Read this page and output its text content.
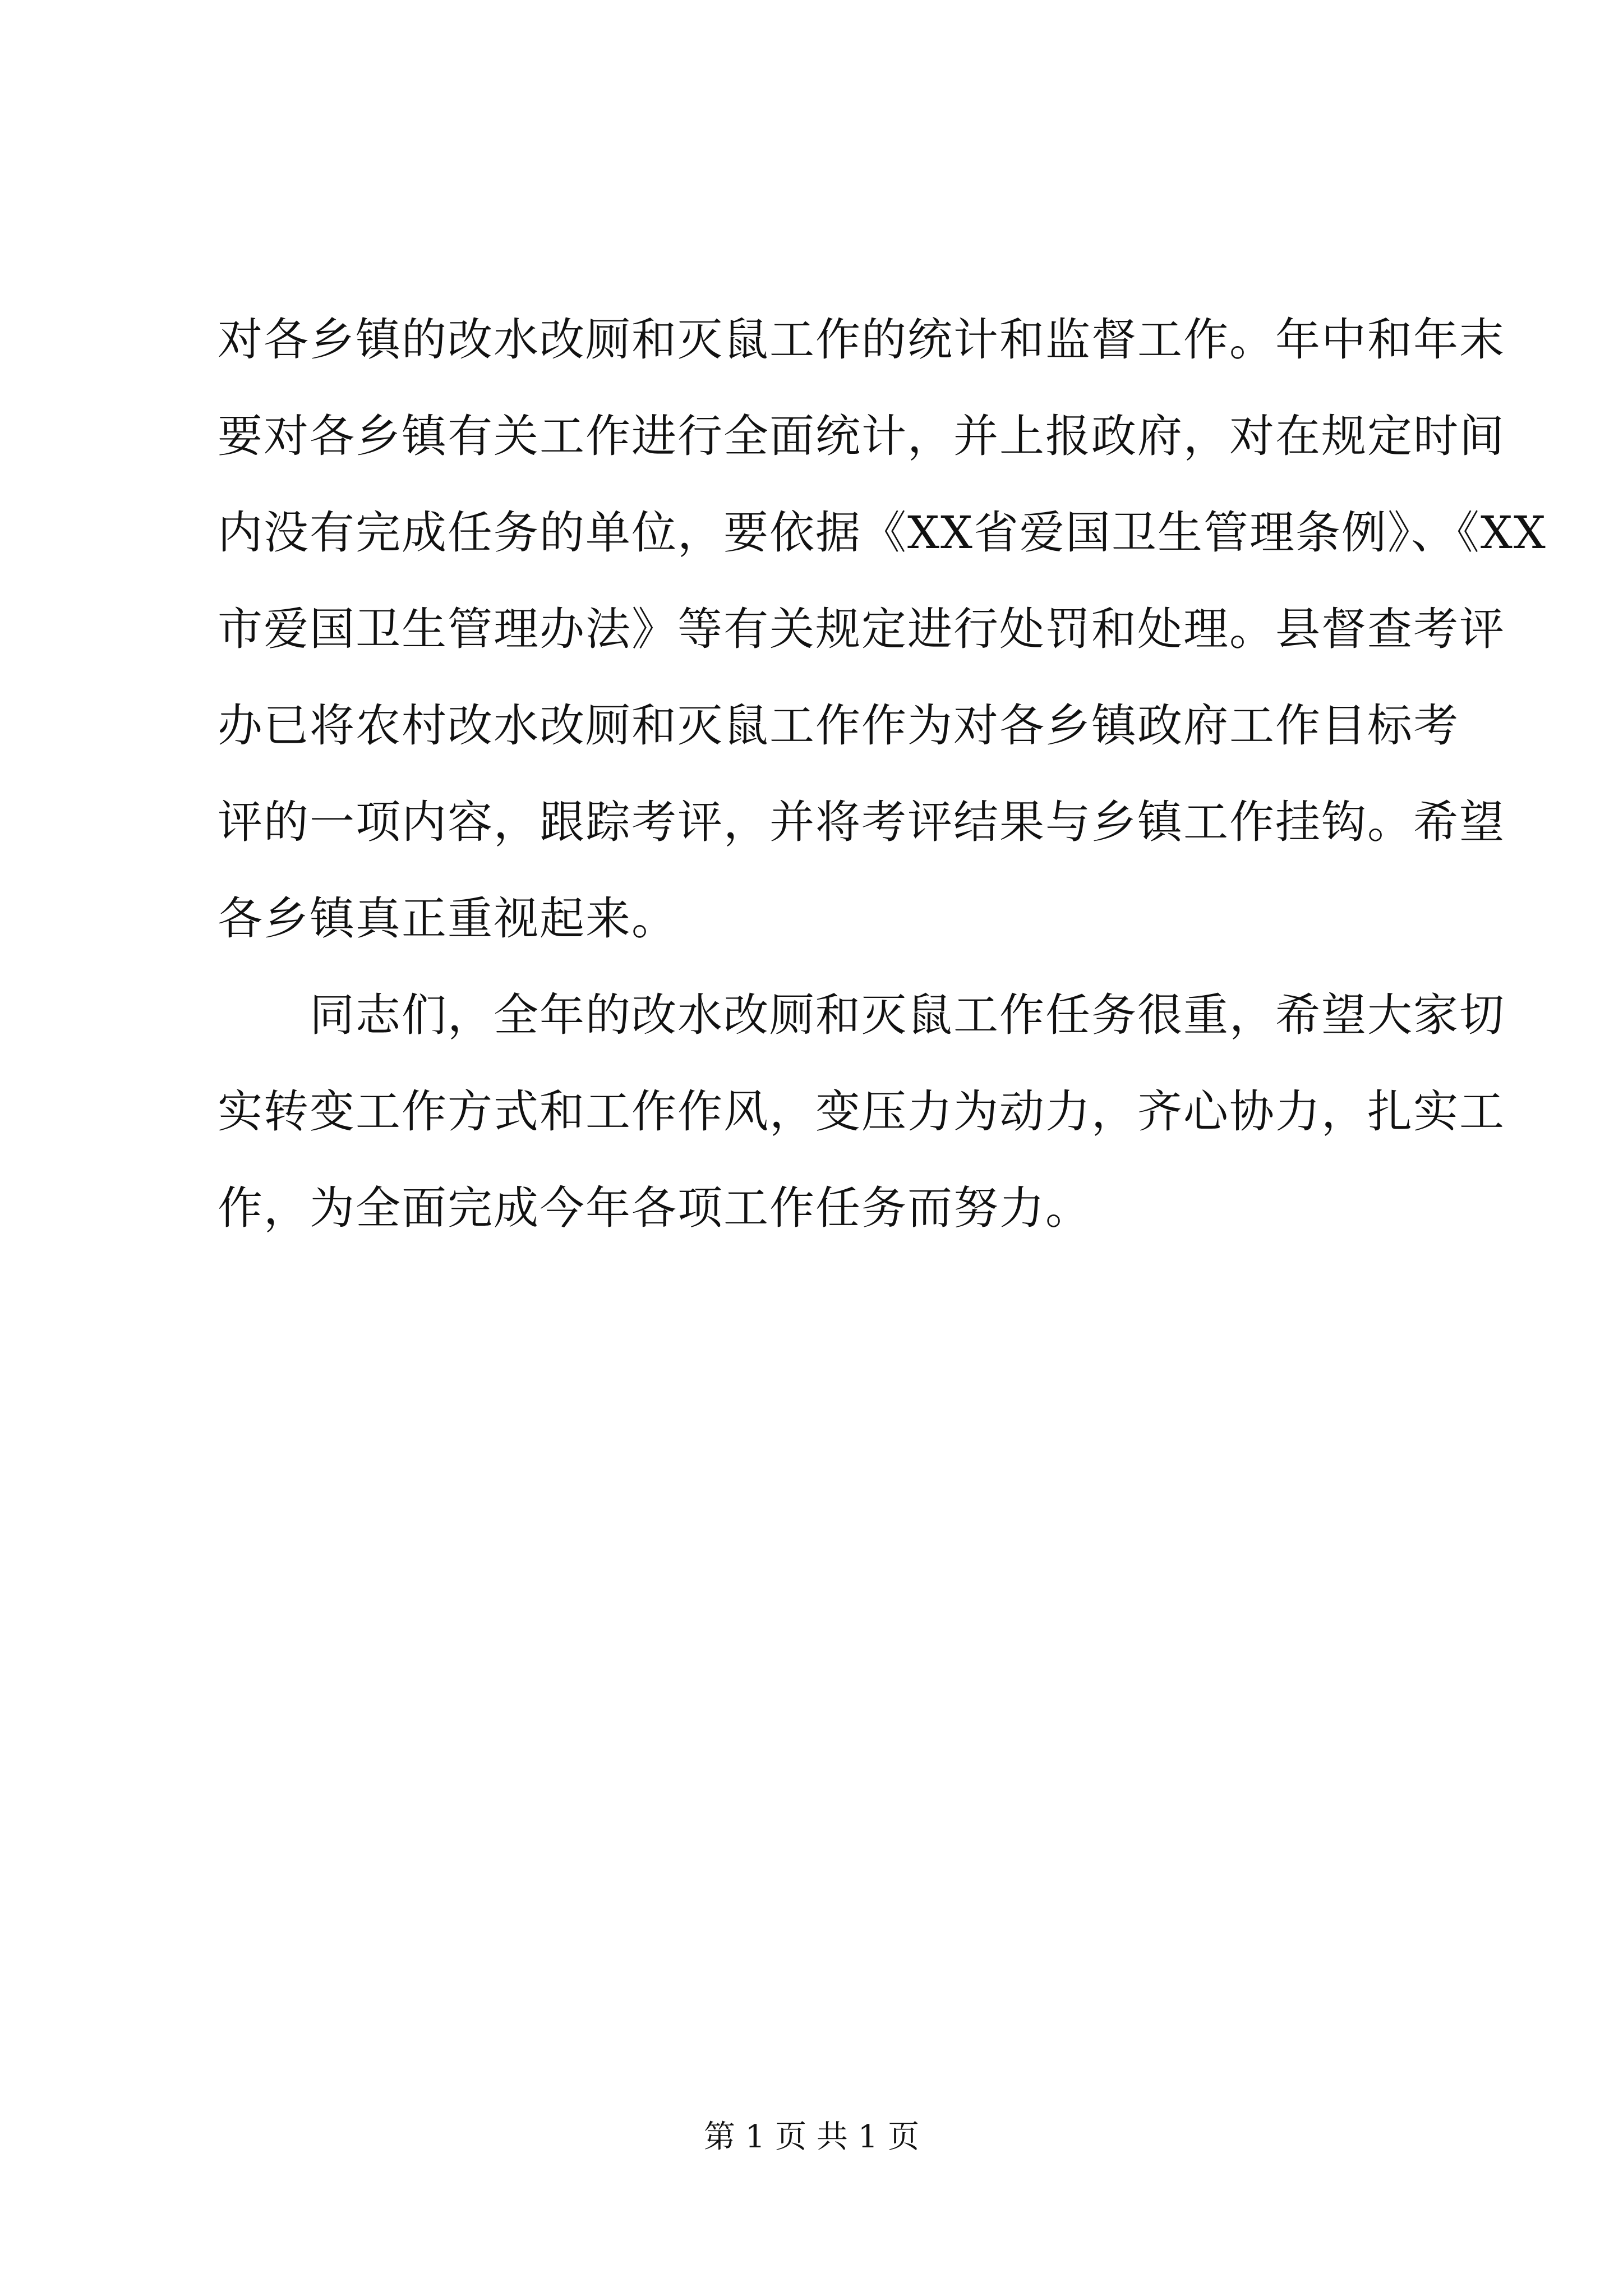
对各乡镇的改水改厕和灭鼠工作的统计和监督工作。年中和年末
要对各乡镇有关工作进行全面统计，并上报政府，对在规定时间
内没有完成任务的单位，要依据《XX省爱国卫生管理条例》、《XX
市爱国卫生管理办法》等有关规定进行处罚和处理。县督查考评
办已将农村改水改厕和灭鼠工作作为对各乡镇政府工作目标考
评的一项内容，跟踪考评，并将考评结果与乡镇工作挂钩。希望
各乡镇真正重视起来。
　　同志们，全年的改水改厕和灭鼠工作任务很重，希望大家切
实转变工作方式和工作作风，变压力为动力，齐心协力，扎实工
作，为全面完成今年各项工作任务而努力。
第 1 页 共 1 页
